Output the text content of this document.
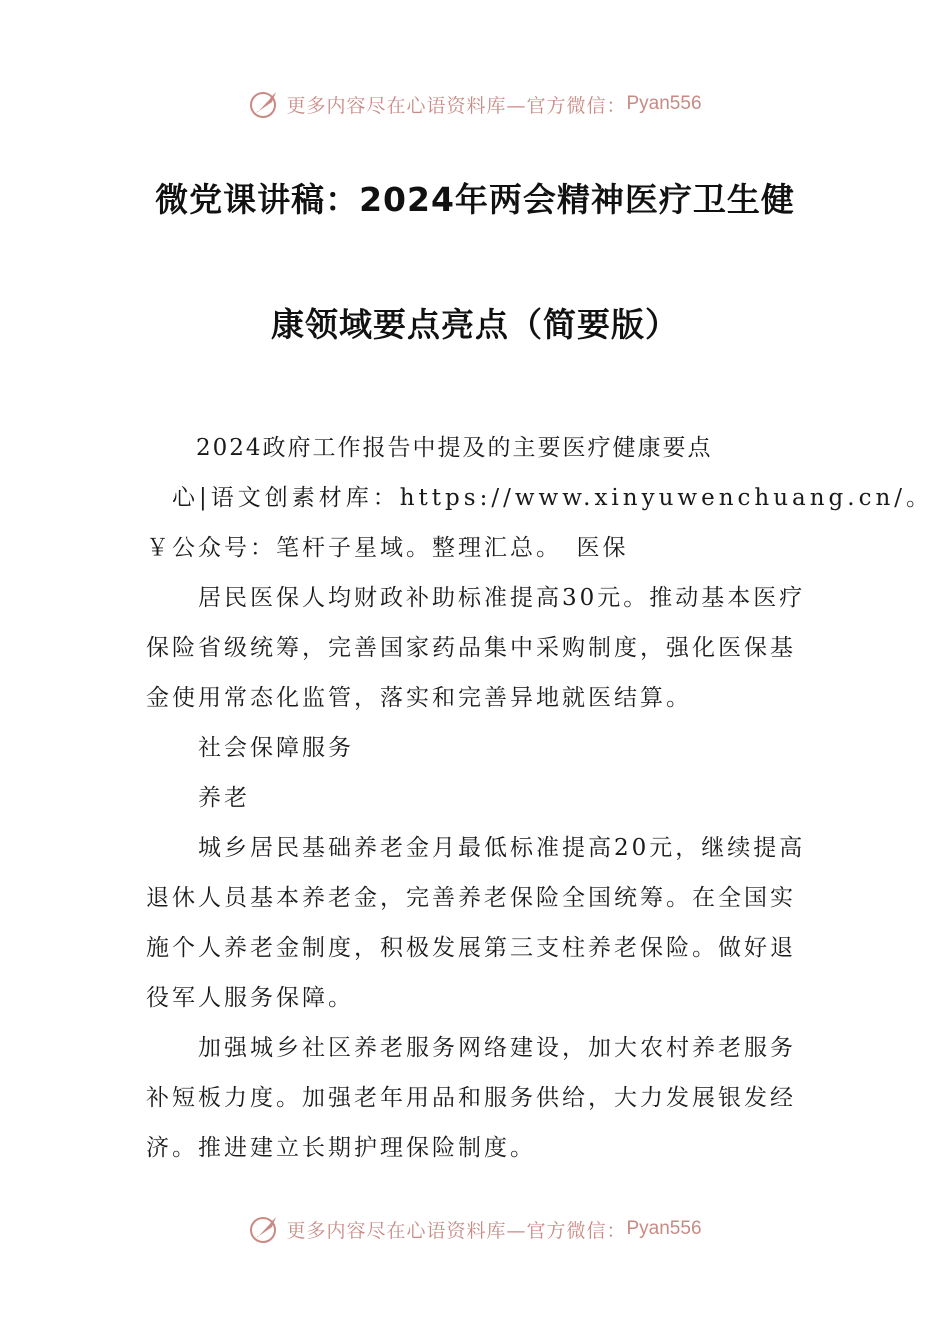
更多内容尽在心语资料库—官方微信： Pyan556
微党课讲稿：2024年两会精神医疗卫生健
康领域要点亮点（简要版）
2024政府工作报告中提及的主要医疗健康要点
心|语文创素材库：https://www.xinyuwenchuang.cn/。
￥公众号：笔杆子星域。整理汇总。　医保
居民医保人均财政补助标准提高30元。推动基本医疗
保险省级统筹，完善国家药品集中采购制度，强化医保基
金使用常态化监管，落实和完善异地就医结算。
社会保障服务
养老
城乡居民基础养老金月最低标准提高20元，继续提高
退休人员基本养老金，完善养老保险全国统筹。在全国实
施个人养老金制度，积极发展第三支柱养老保险。做好退
役军人服务保障。
加强城乡社区养老服务网络建设，加大农村养老服务
补短板力度。加强老年用品和服务供给，大力发展银发经
济。推进建立长期护理保险制度。
更多内容尽在心语资料库—官方微信： Pyan556
